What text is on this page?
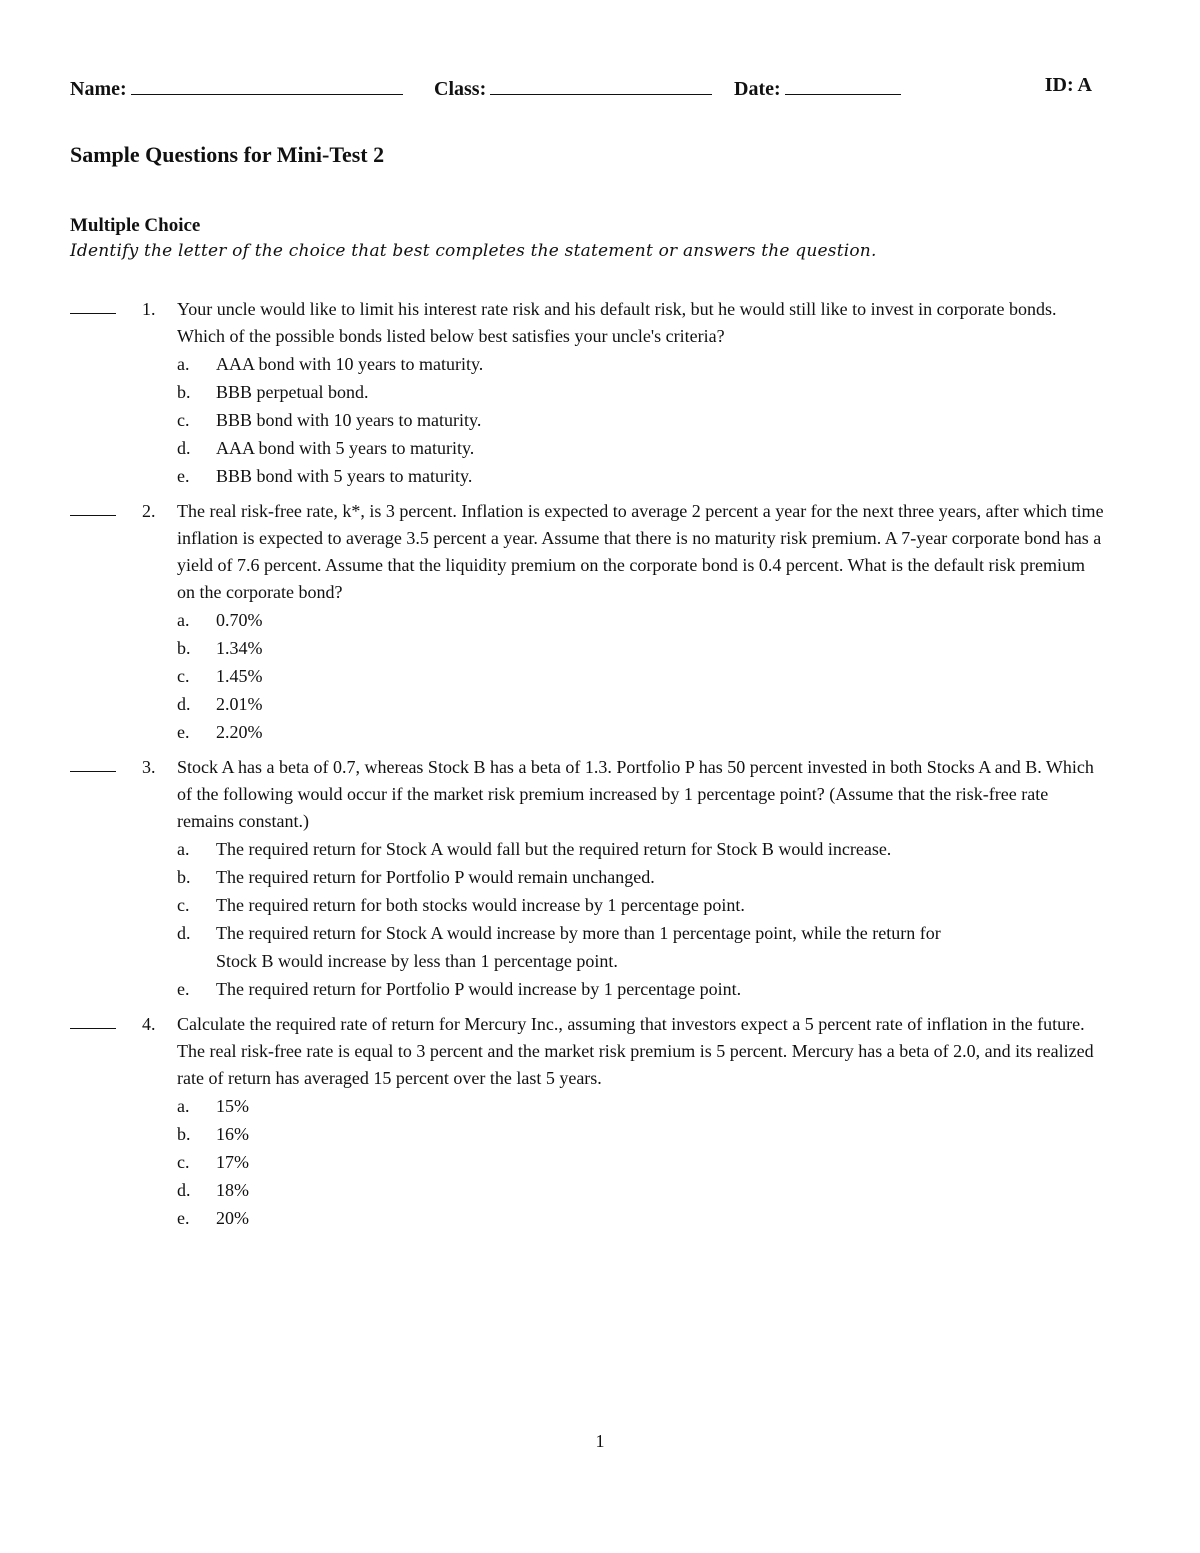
Name:	Class:	Date:	ID: A
Sample Questions for Mini-Test 2
Multiple Choice
Identify the letter of the choice that best completes the statement or answers the question.
1. Your uncle would like to limit his interest rate risk and his default risk, but he would still like to invest in corporate bonds. Which of the possible bonds listed below best satisfies your uncle's criteria?
a.	AAA bond with 10 years to maturity.
b.	BBB perpetual bond.
c.	BBB bond with 10 years to maturity.
d.	AAA bond with 5 years to maturity.
e.	BBB bond with 5 years to maturity.
2. The real risk-free rate, k*, is 3 percent. Inflation is expected to average 2 percent a year for the next three years, after which time inflation is expected to average 3.5 percent a year. Assume that there is no maturity risk premium. A 7-year corporate bond has a yield of 7.6 percent. Assume that the liquidity premium on the corporate bond is 0.4 percent. What is the default risk premium on the corporate bond?
a.	0.70%
b.	1.34%
c.	1.45%
d.	2.01%
e.	2.20%
3. Stock A has a beta of 0.7, whereas Stock B has a beta of 1.3. Portfolio P has 50 percent invested in both Stocks A and B. Which of the following would occur if the market risk premium increased by 1 percentage point? (Assume that the risk-free rate remains constant.)
a.	The required return for Stock A would fall but the required return for Stock B would increase.
b.	The required return for Portfolio P would remain unchanged.
c.	The required return for both stocks would increase by 1 percentage point.
d.	The required return for Stock A would increase by more than 1 percentage point, while the return for Stock B would increase by less than 1 percentage point.
e.	The required return for Portfolio P would increase by 1 percentage point.
4. Calculate the required rate of return for Mercury Inc., assuming that investors expect a 5 percent rate of inflation in the future. The real risk-free rate is equal to 3 percent and the market risk premium is 5 percent. Mercury has a beta of 2.0, and its realized rate of return has averaged 15 percent over the last 5 years.
a.	15%
b.	16%
c.	17%
d.	18%
e.	20%
1
